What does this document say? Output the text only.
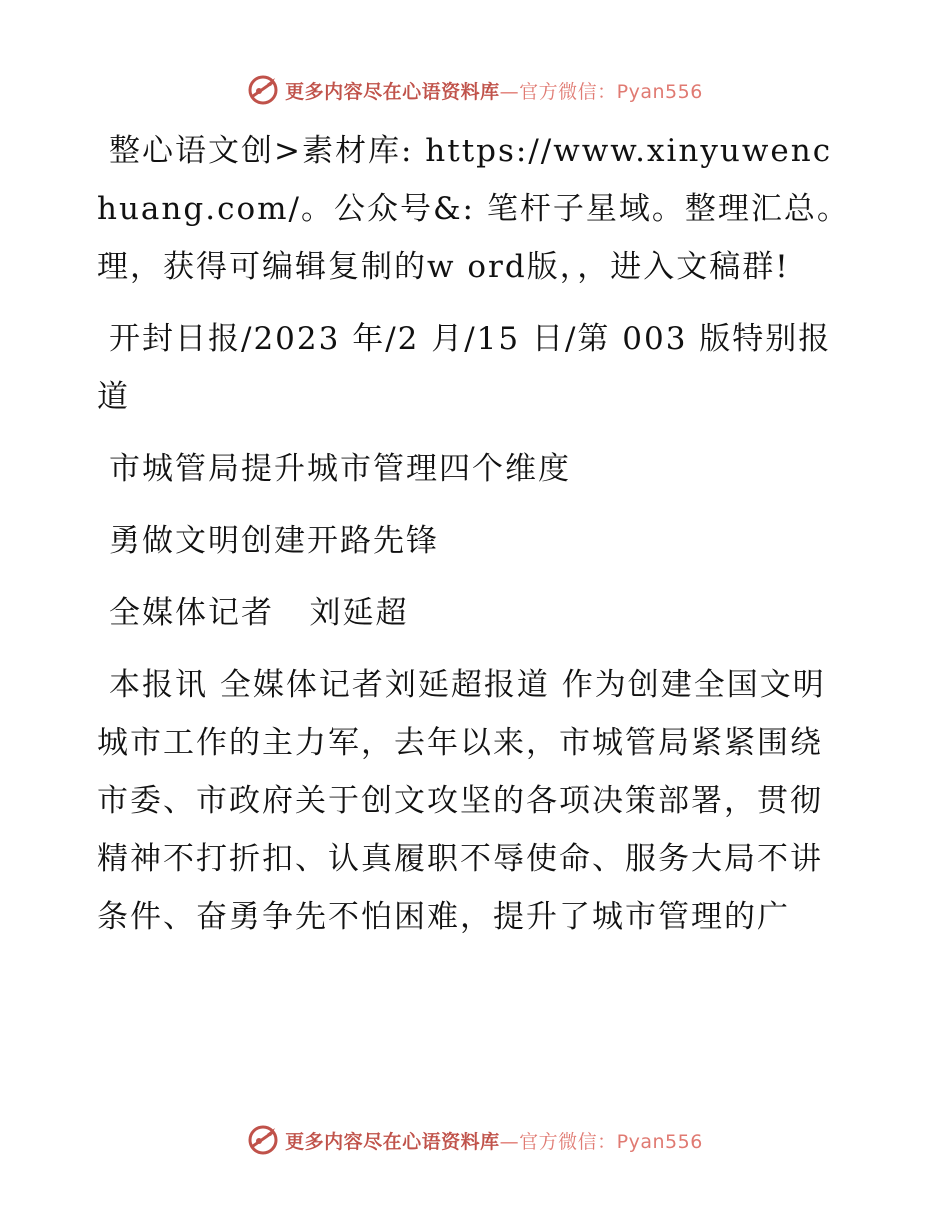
更多内容尽在心语资料库 —官方微信：Pyan556

整心语文创>素材库: https://www.xinyuwenchuang.com/。公众号&: 笔杆子星域。整理汇总。理，获得可编辑复制的w ord版，，进入文稿群!

开封日报/2023 年/2 月/15 日/第 003 版特别报道

市城管局提升城市管理四个维度

勇做文明创建开路先锋

全媒体记者   刘延超

本报讯 全媒体记者刘延超报道 作为创建全国文明城市工作的主力军，去年以来，市城管局紧紧围绕市委、市政府关于创文攻坚的各项决策部署，贯彻精神不打折扣、认真履职不辱使命、服务大局不讲条件、奋勇争先不怕困难，提升了城市管理的广

更多内容尽在心语资料库 —官方微信：Pyan556
